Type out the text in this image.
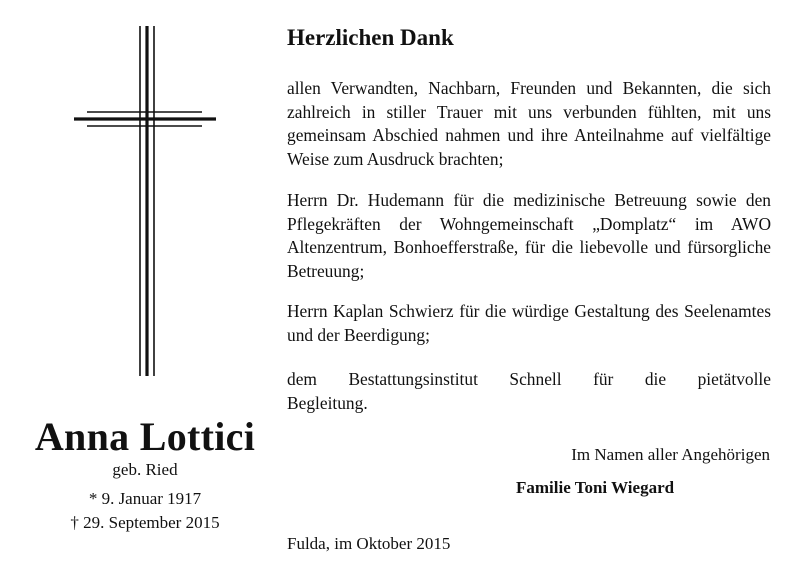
Anna Lottici
geb. Ried
* 9. Januar 1917
† 29. September 2015
Herzlichen Dank
allen Verwandten, Nachbarn, Freunden und Bekannten, die sich zahlreich in stiller Trauer mit uns verbunden fühlten, mit uns gemeinsam Abschied nahmen und ihre Anteilnahme auf vielfältige Weise zum Ausdruck brachten;
Herrn Dr. Hudemann für die medizinische Betreuung sowie den Pflegekräften der Wohngemeinschaft „Domplatz“ im AWO Altenzentrum, Bonhoefferstraße, für die liebevolle und fürsorgliche Betreuung;
Herrn Kaplan Schwierz für die würdige Gestaltung des Seelenamtes und der Beerdigung;
dem Bestattungsinstitut Schnell für die pietätvolle
Begleitung.
Im Namen aller Angehörigen
Familie Toni Wiegard
Fulda, im Oktober 2015
